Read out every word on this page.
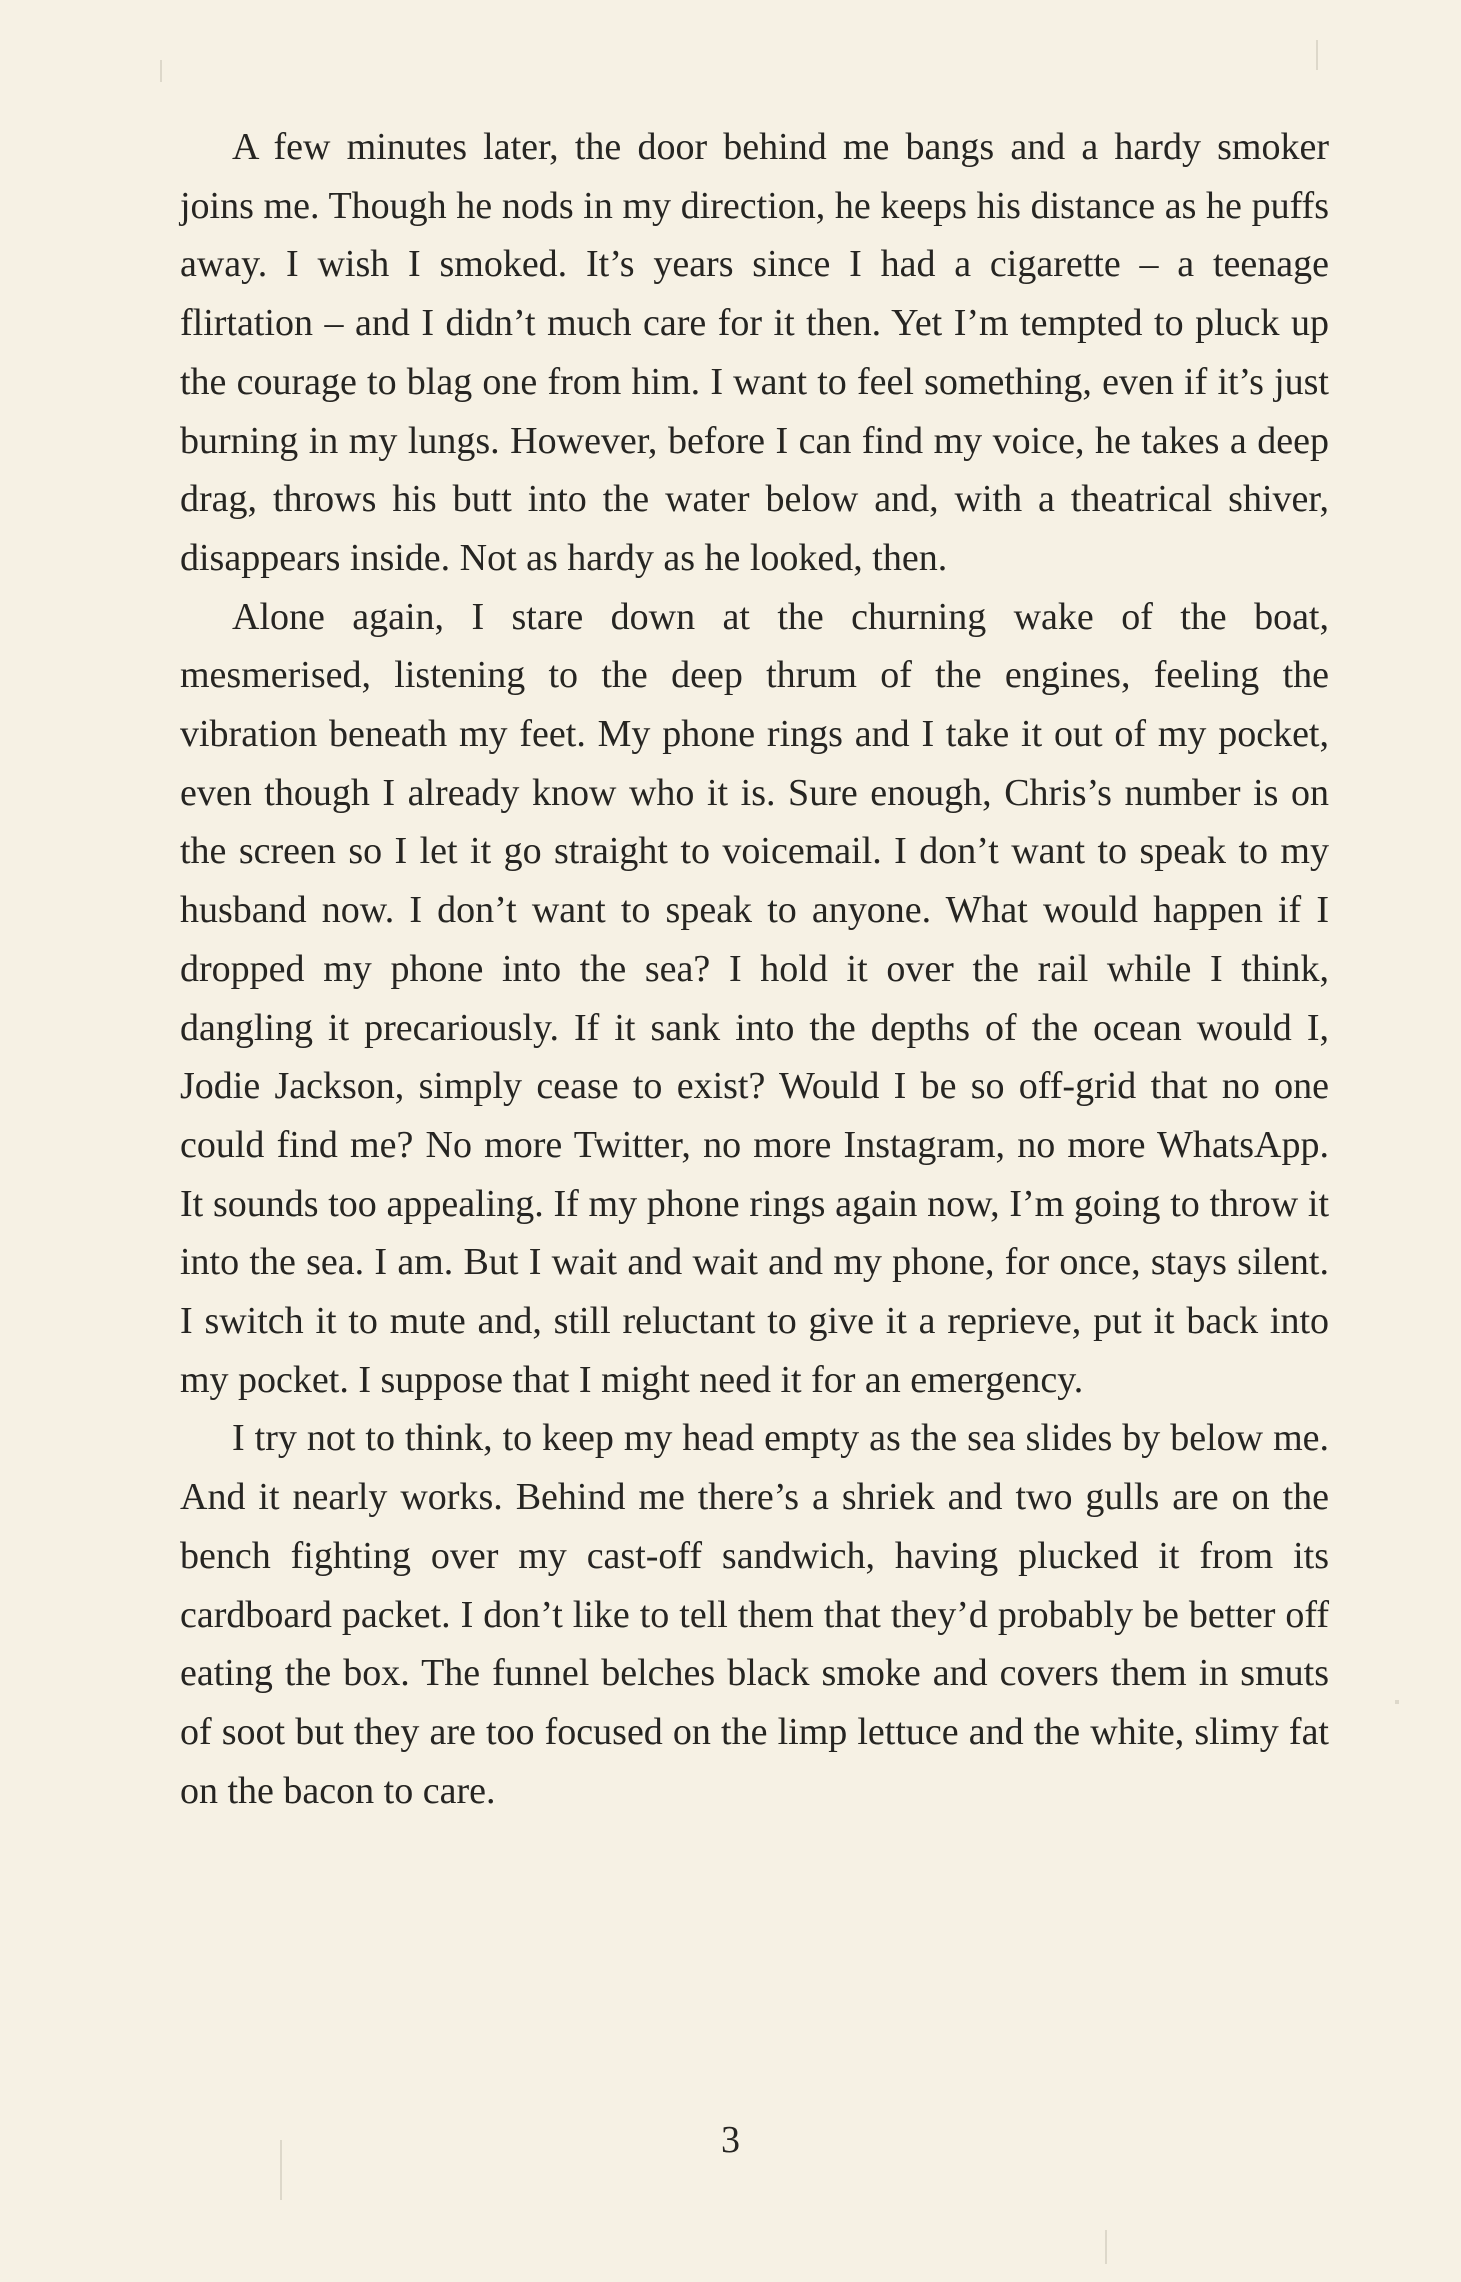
A few minutes later, the door behind me bangs and a hardy smoker joins me. Though he nods in my direction, he keeps his distance as he puffs away. I wish I smoked. It’s years since I had a cigarette – a teenage flirtation – and I didn’t much care for it then. Yet I’m tempted to pluck up the courage to blag one from him. I want to feel something, even if it’s just burning in my lungs. However, before I can find my voice, he takes a deep drag, throws his butt into the water below and, with a theatrical shiver, disappears inside. Not as hardy as he looked, then.

Alone again, I stare down at the churning wake of the boat, mesmerised, listening to the deep thrum of the engines, feeling the vibration beneath my feet. My phone rings and I take it out of my pocket, even though I already know who it is. Sure enough, Chris’s number is on the screen so I let it go straight to voicemail. I don’t want to speak to my husband now. I don’t want to speak to anyone. What would happen if I dropped my phone into the sea? I hold it over the rail while I think, dangling it precariously. If it sank into the depths of the ocean would I, Jodie Jackson, simply cease to exist? Would I be so off-grid that no one could find me? No more Twitter, no more Instagram, no more WhatsApp. It sounds too appealing. If my phone rings again now, I’m going to throw it into the sea. I am. But I wait and wait and my phone, for once, stays silent. I switch it to mute and, still reluctant to give it a reprieve, put it back into my pocket. I suppose that I might need it for an emergency.

I try not to think, to keep my head empty as the sea slides by below me. And it nearly works. Behind me there’s a shriek and two gulls are on the bench fighting over my cast-off sandwich, having plucked it from its cardboard packet. I don’t like to tell them that they’d probably be better off eating the box. The funnel belches black smoke and covers them in smuts of soot but they are too focused on the limp lettuce and the white, slimy fat on the bacon to care.

3
